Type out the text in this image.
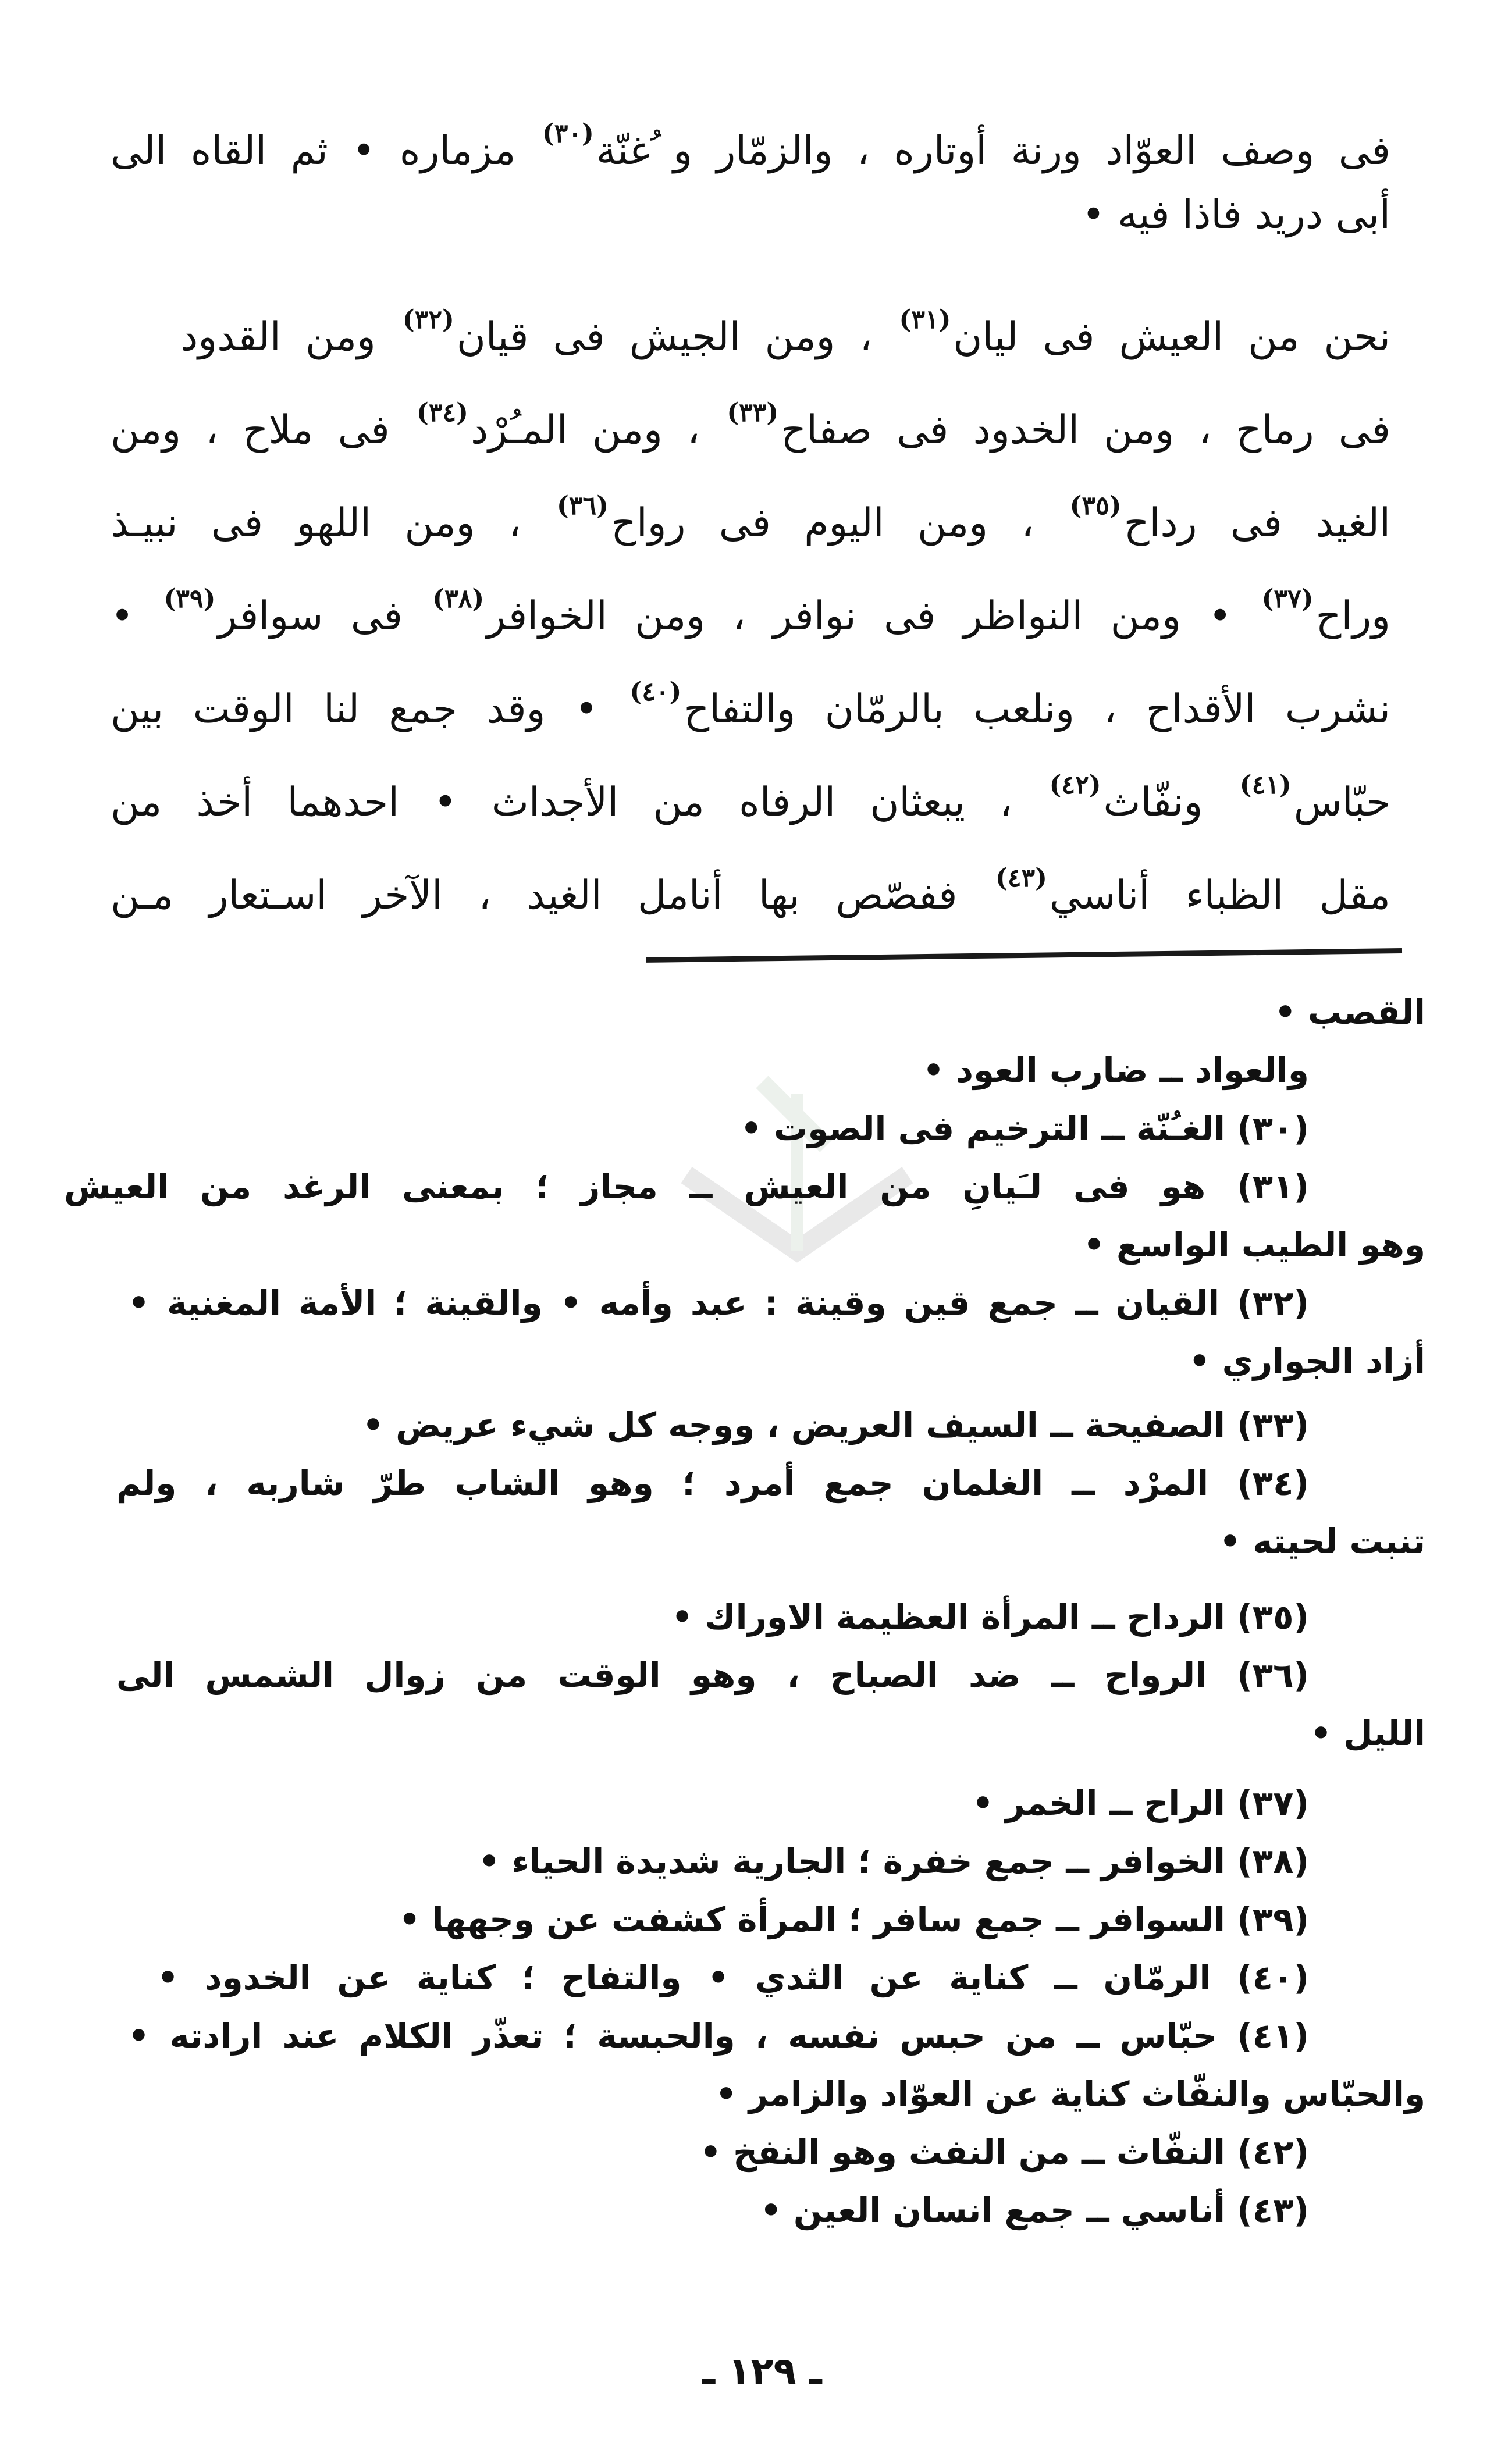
فى وصف العوّاد ورنة أوتاره ، والزمّار و ُغنّة$^{(٣٠)}$ مزماره • ثم القاه الى
أبى دريد فاذا فيه •
نحن من العيش فى ليان$^{(٣١)}$ ، ومن الجيش فى قيان$^{(٣٢)}$ ومن القدود
فى رماح ، ومن الخدود فى صفاح$^{(٣٣)}$ ، ومن المـُرْد$^{(٣٤)}$ فى ملاح ، ومن
الغيد فى رداح$^{(٣٥)}$ ، ومن اليوم فى رواح$^{(٣٦)}$ ، ومن اللهو فى نبيـذ
وراح$^{(٣٧)}$ • ومن النواظر فى نوافر ، ومن الخوافر$^{(٣٨)}$ فى سوافر$^{(٣٩)}$ •
نشرب الأقداح ، ونلعب بالرمّان والتفاح$^{(٤٠)}$ • وقد جمع لنا الوقت بين
حبّاس$^{(٤١)}$ ونفّاث$^{(٤٢)}$ ، يبعثان الرفاه من الأجداث • احدهما أخذ من
مقل الظباء أناسي$^{(٤٣)}$ ففصّص بها أنامل الغيد ، الآخر اسـتعار مـن
القصب •
والعواد ــ ضارب العود •
(٣٠) الغـُنّة ــ الترخيم فى الصوت •
(٣١) هو فى لـَيانِ من العيش ــ مجاز ؛ بمعنى الرغد من العيش
وهو الطيب الواسع •
(٣٢) القيان ــ جمع قين وقينة : عبد وأمه • والقينة ؛ الأمة المغنية •
أزاد الجواري •
(٣٣) الصفيحة ــ السيف العريض ، ووجه كل شيء عريض •
(٣٤) المرْد ــ الغلمان جمع أمرد ؛ وهو الشاب طرّ شاربه ، ولم
تنبت لحيته •
(٣٥) الرداح ــ المرأة العظيمة الاوراك •
(٣٦) الرواح ــ ضد الصباح ، وهو الوقت من زوال الشمس الى
الليل •
(٣٧) الراح ــ الخمر •
(٣٨) الخوافر ــ جمع خفرة ؛ الجارية شديدة الحياء •
(٣٩) السوافر ــ جمع سافر ؛ المرأة كشفت عن وجهها •
(٤٠) الرمّان ــ كناية عن الثدي • والتفاح ؛ كناية عن الخدود •
(٤١) حبّاس ــ من حبس نفسه ، والحبسة ؛ تعذّر الكلام عند ارادته •
والحبّاس والنفّاث كناية عن العوّاد والزامر •
(٤٢) النفّاث ــ من النفث وهو النفخ •
(٤٣) أناسي ــ جمع انسان العين •
ـ ١٢٩ ـ
